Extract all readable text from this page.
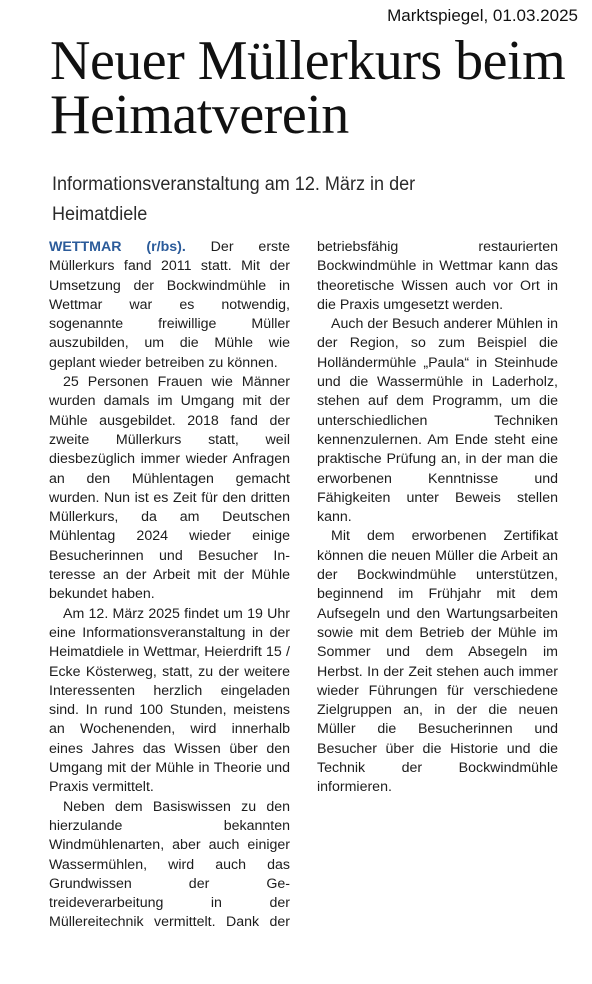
Marktspiegel, 01.03.2025
Neuer Müllerkurs beim Heimatverein
Informationsveranstaltung am 12. März in der Heimatdiele

WETTMAR (r/bs). Der erste Müllerkurs fand 2011 statt. Mit der Umsetzung der Bockwindmühle in Wettmar war es notwendig, sogenannte freiwillige Müller auszubilden, um die Mühle wie geplant wieder betreiben zu können.

25 Personen Frauen wie Männer wurden damals im Umgang mit der Mühle ausgebildet. 2018 fand der zweite Müllerkurs statt, weil diesbezüglich immer wieder Anfragen an den Mühlentagen gemacht wurden. Nun ist es Zeit für den dritten Müllerkurs, da am Deutschen Mühlentag 2024 wieder einige Besucherinnen und Besucher Interesse an der Arbeit mit der Mühle bekundet haben.

Am 12. März 2025 findet um 19 Uhr eine Informationsveranstaltung in der Heimatdiele in Wettmar, Heierdrift 15 / Ecke Kösterweg, statt, zu der weitere Interessenten herzlich eingeladen sind. In rund 100 Stunden, meistens an Wochenenden, wird innerhalb eines Jahres das Wissen über den Umgang mit der Mühle in Theorie und Praxis vermittelt.

Neben dem Basiswissen zu den hierzulande bekannten Windmühlenarten, aber auch einiger Wassermühlen, wird auch das Grundwissen der Getreideverarbeitung in der Müllereitechnik vermittelt. Dank der

betriebsfähig restaurierten Bockwindmühle in Wettmar kann das theoretische Wissen auch vor Ort in die Praxis umgesetzt werden.

Auch der Besuch anderer Mühlen in der Region, so zum Beispiel die Holländermühle „Paula“ in Steinhude und die Wassermühle in Laderholz, stehen auf dem Programm, um die unterschiedlichen Techniken kennenzulernen. Am Ende steht eine praktische Prüfung an, in der man die erworbenen Kenntnisse und Fähigkeiten unter Beweis stellen kann.

Mit dem erworbenen Zertifikat können die neuen Müller die Arbeit an der Bockwindmühle unterstützen, beginnend im Frühjahr mit dem Aufsegeln und den Wartungsarbeiten sowie mit dem Betrieb der Mühle im Sommer und dem Absegeln im Herbst. In der Zeit stehen auch immer wieder Führungen für verschiedene Zielgruppen an, in der die neuen Müller die Besucherinnen und Besucher über die Historie und die Technik der Bockwindmühle informieren.
